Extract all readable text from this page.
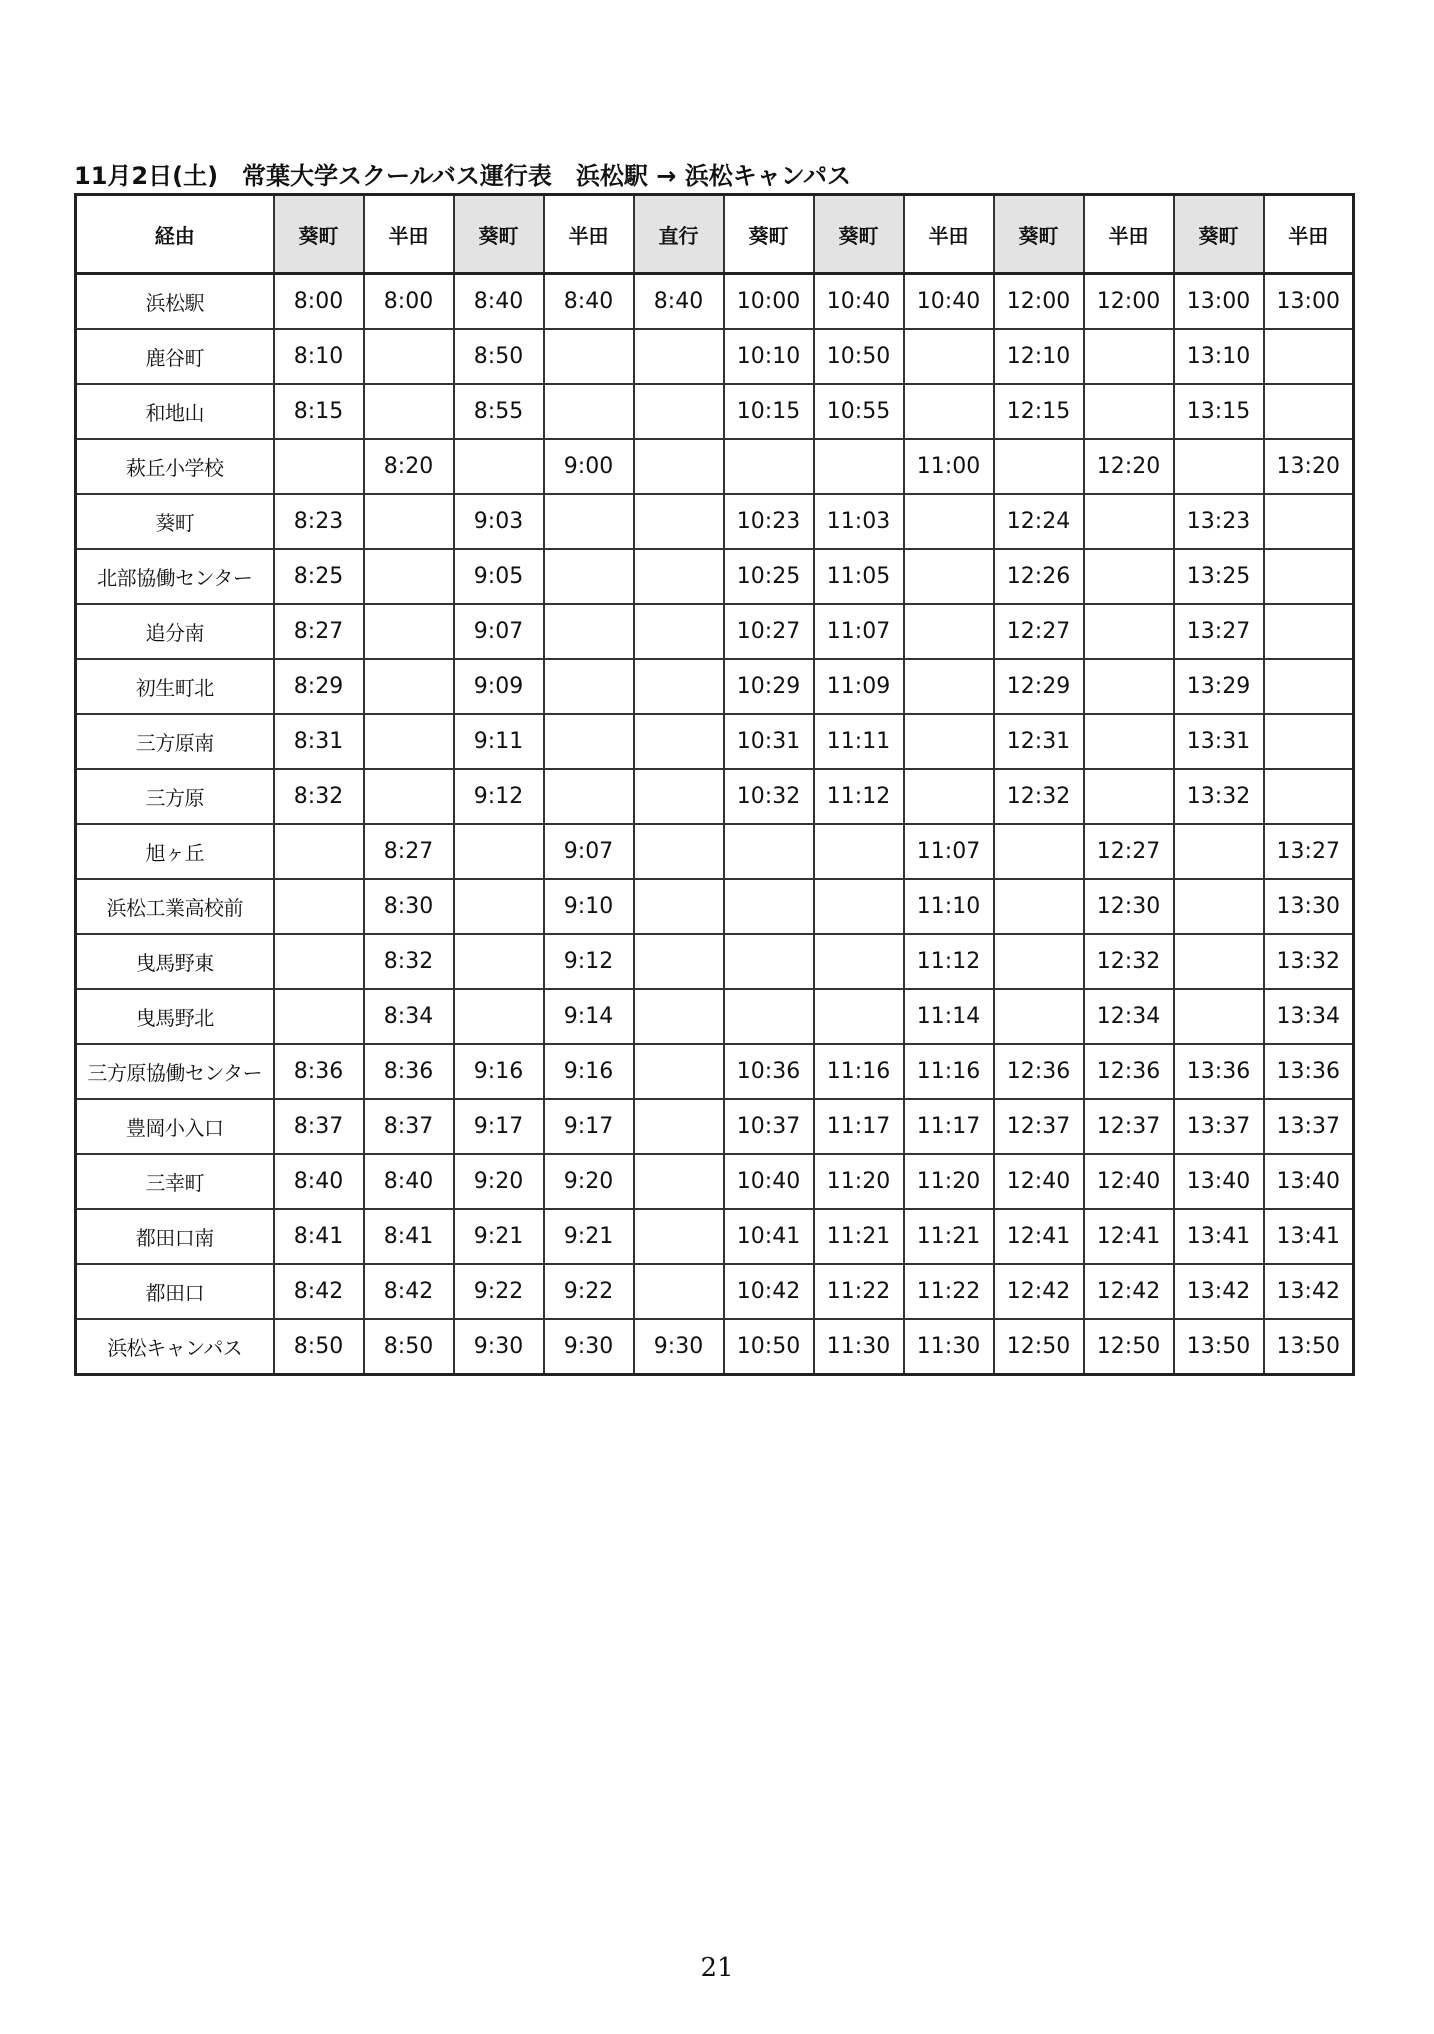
11月2日(土)　常葉大学スクールバス運行表　浜松駅 → 浜松キャンパス
経由	葵町	半田	葵町	半田	直行	葵町	葵町	半田	葵町	半田	葵町	半田
浜松駅	8:00	8:00	8:40	8:40	8:40	10:00	10:40	10:40	12:00	12:00	13:00	13:00
鹿谷町	8:10		8:50			10:10	10:50		12:10		13:10	
和地山	8:15		8:55			10:15	10:55		12:15		13:15	
萩丘小学校		8:20		9:00				11:00		12:20		13:20
葵町	8:23		9:03			10:23	11:03		12:24		13:23	
北部協働センター	8:25		9:05			10:25	11:05		12:26		13:25	
追分南	8:27		9:07			10:27	11:07		12:27		13:27	
初生町北	8:29		9:09			10:29	11:09		12:29		13:29	
三方原南	8:31		9:11			10:31	11:11		12:31		13:31	
三方原	8:32		9:12			10:32	11:12		12:32		13:32	
旭ヶ丘		8:27		9:07				11:07		12:27		13:27
浜松工業高校前		8:30		9:10				11:10		12:30		13:30
曳馬野東		8:32		9:12				11:12		12:32		13:32
曳馬野北		8:34		9:14				11:14		12:34		13:34
三方原協働センター	8:36	8:36	9:16	9:16		10:36	11:16	11:16	12:36	12:36	13:36	13:36
豊岡小入口	8:37	8:37	9:17	9:17		10:37	11:17	11:17	12:37	12:37	13:37	13:37
三幸町	8:40	8:40	9:20	9:20		10:40	11:20	11:20	12:40	12:40	13:40	13:40
都田口南	8:41	8:41	9:21	9:21		10:41	11:21	11:21	12:41	12:41	13:41	13:41
都田口	8:42	8:42	9:22	9:22		10:42	11:22	11:22	12:42	12:42	13:42	13:42
浜松キャンパス	8:50	8:50	9:30	9:30	9:30	10:50	11:30	11:30	12:50	12:50	13:50	13:50
21
